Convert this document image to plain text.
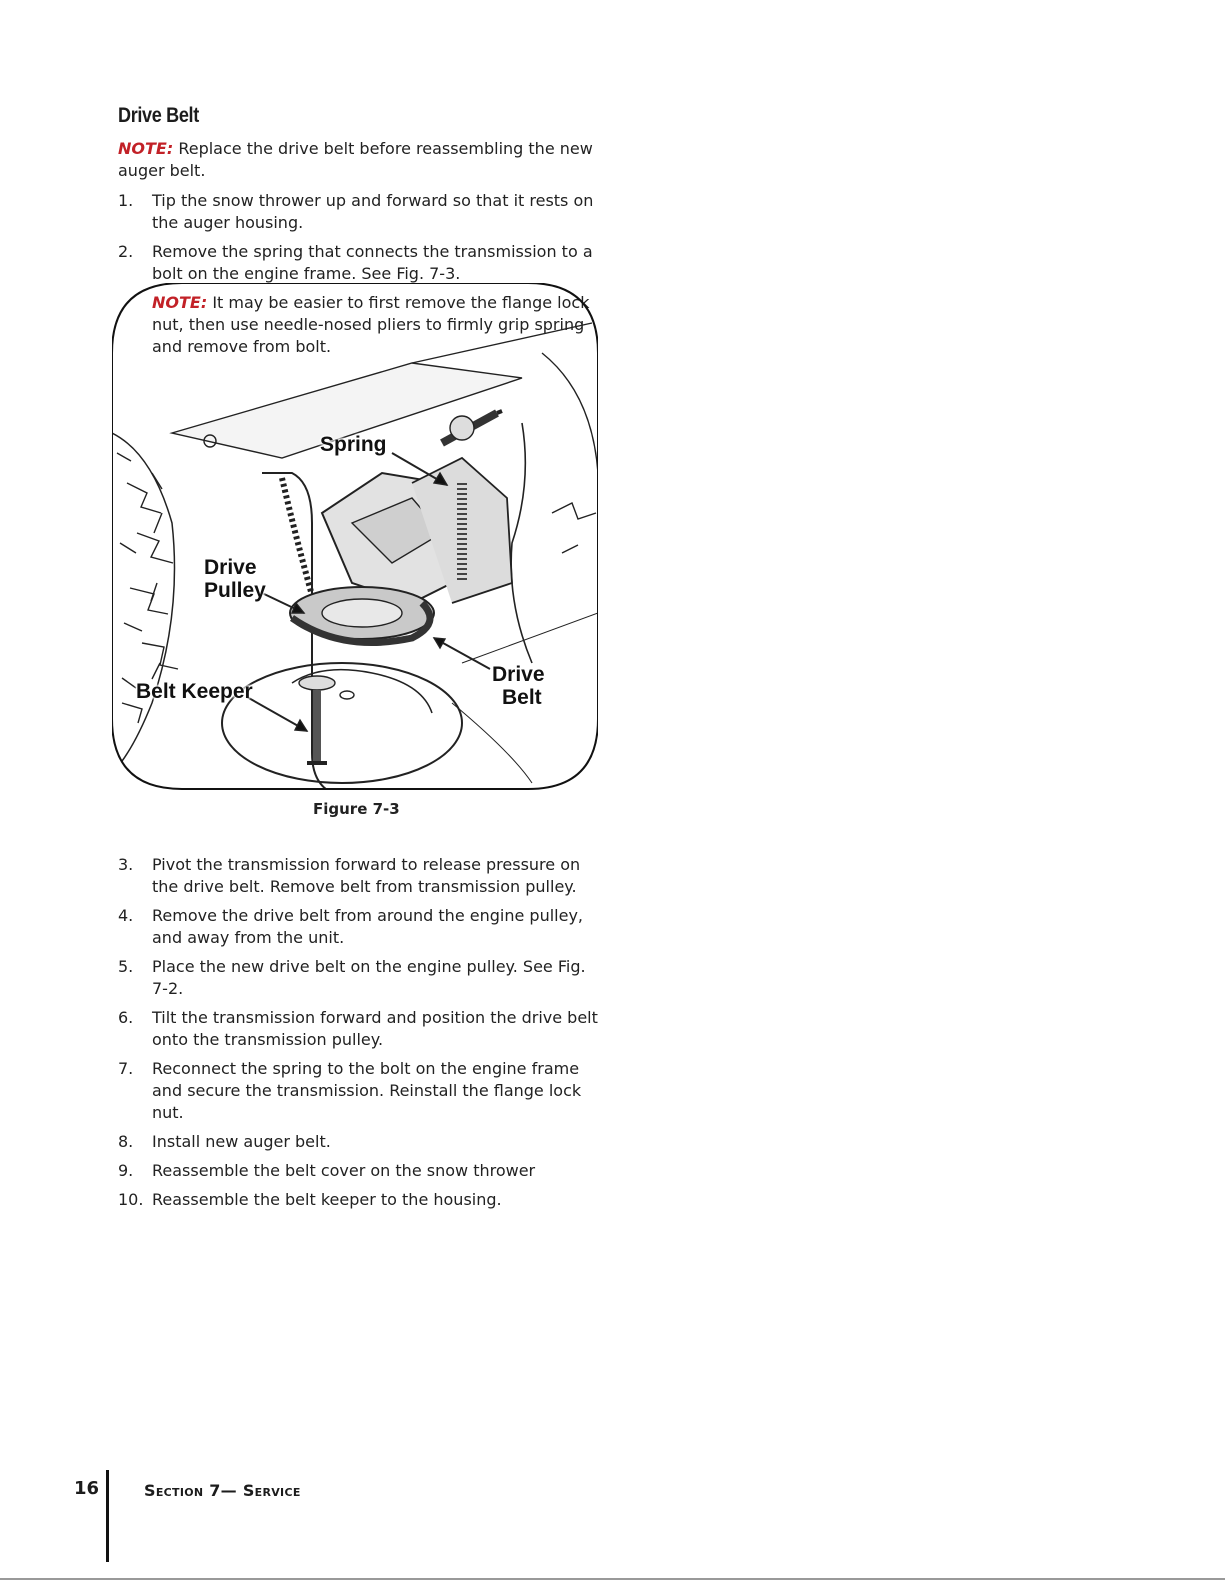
Drive Belt
NOTE: Replace the drive belt before reassembling the new auger belt.
1.	Tip the snow thrower up and forward so that it rests on the auger housing.
2.	Remove the spring that connects the transmission to a bolt on the engine frame. See Fig. 7-3.
NOTE: It may be easier to first remove the flange lock nut, then use needle-nosed pliers to firmly grip spring and remove from bolt.
Spring
Drive
Pulley
Belt Keeper
Drive
Belt
Figure 7-3
3.	Pivot the transmission forward to release pressure on the drive belt. Remove belt from transmission pulley.
4.	Remove the drive belt from around the engine pulley, and away from the unit.
5.	Place the new drive belt on the engine pulley. See Fig. 7-2.
6.	Tilt the transmission forward and position the drive belt onto the transmission pulley.
7.	Reconnect the spring to the bolt on the engine frame and secure the transmission. Reinstall the flange lock nut.
8.	Install new auger belt.
9.	Reassemble the belt cover on the snow thrower
10. Reassemble the belt keeper to the housing.
16	Section 7— Service
